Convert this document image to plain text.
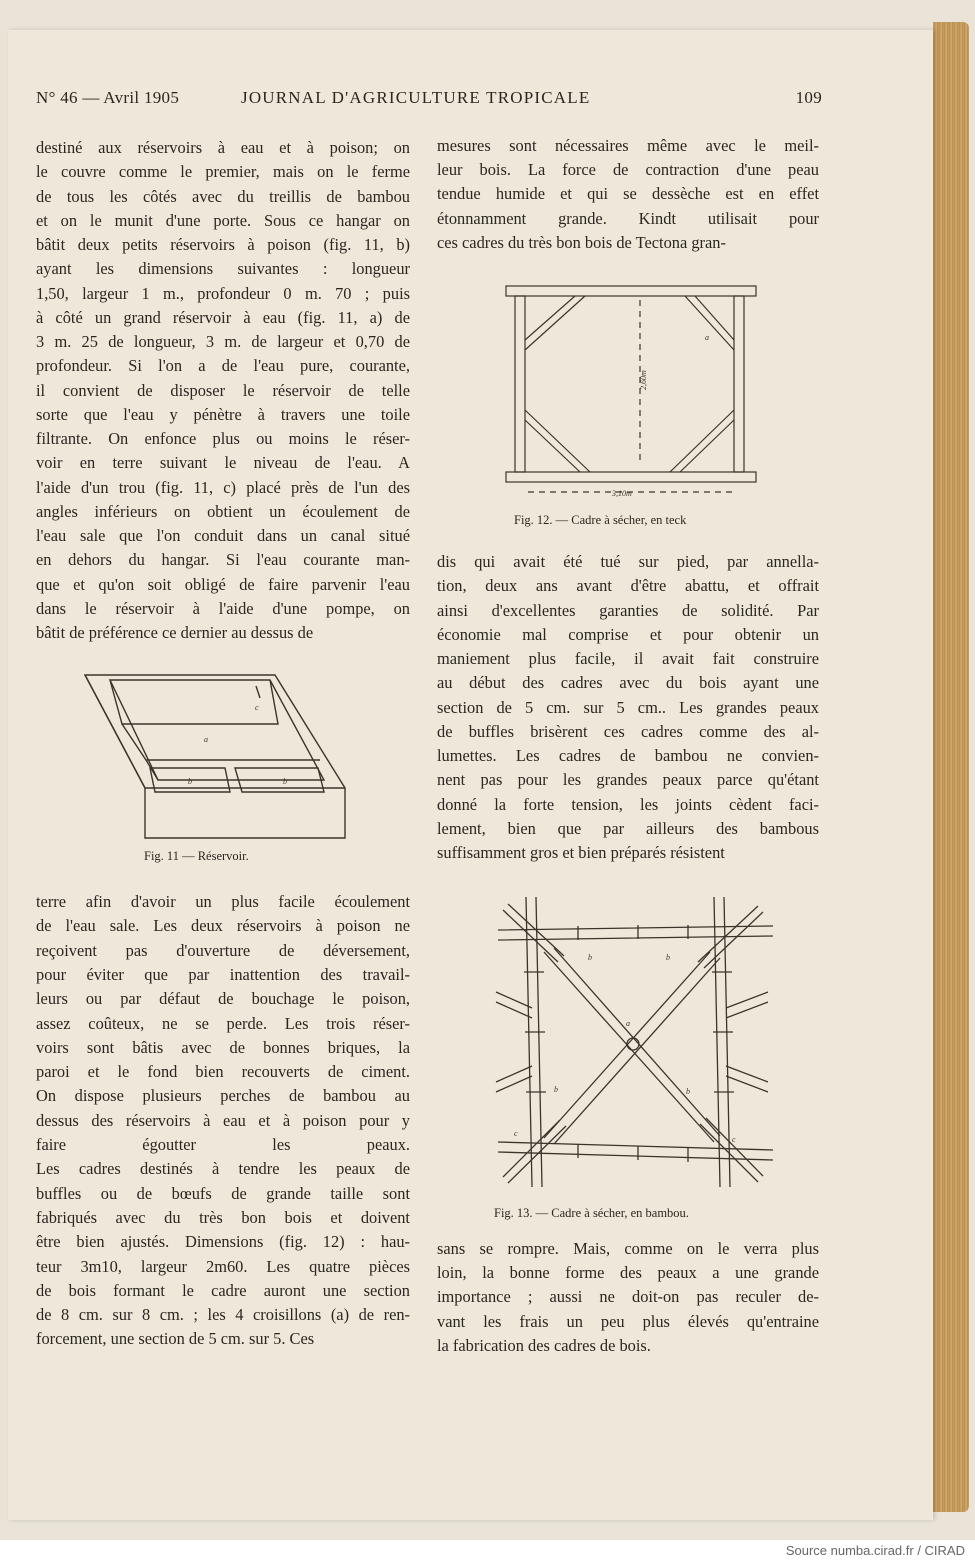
N° 46 — Avril 1905	JOURNAL D'AGRICULTURE TROPICALE	109
destiné aux réservoirs à eau et à poison; on
le couvre comme le premier, mais on le ferme
de tous les côtés avec du treillis de bambou
et on le munit d'une porte. Sous ce hangar on
bâtit deux petits réservoirs à poison (fig. 11, b)
ayant les dimensions suivantes : longueur
1,50, largeur 1 m., profondeur 0 m. 70 ; puis
à côté un grand réservoir à eau (fig. 11, a) de
3 m. 25 de longueur, 3 m. de largeur et 0,70 de
profondeur. Si l'on a de l'eau pure, courante,
il convient de disposer le réservoir de telle
sorte que l'eau y pénètre à travers une toile
filtrante. On enfonce plus ou moins le réser-
voir en terre suivant le niveau de l'eau. A
l'aide d'un trou (fig. 11, c) placé près de l'un des
angles inférieurs on obtient un écoulement de
l'eau sale que l'on conduit dans un canal situé
en dehors du hangar. Si l'eau courante man-
que et qu'on soit obligé de faire parvenir l'eau
dans le réservoir à l'aide d'une pompe, on
bâtit de préférence ce dernier au dessus de
a
b	b
c
Fig. 11 — Réservoir.
terre afin d'avoir un plus facile écoulement
de l'eau sale. Les deux réservoirs à poison ne
reçoivent pas d'ouverture de déversement,
pour éviter que par inattention des travail-
leurs ou par défaut de bouchage le poison,
assez coûteux, ne se perde. Les trois réser-
voirs sont bâtis avec de bonnes briques, la
paroi et le fond bien recouverts de ciment.
On dispose plusieurs perches de bambou au
dessus des réservoirs à eau et à poison pour y
faire égoutter les peaux.
Les cadres destinés à tendre les peaux de
buffles ou de bœufs de grande taille sont
fabriqués avec du très bon bois et doivent
être bien ajustés. Dimensions (fig. 12) : hau-
teur 3m10, largeur 2m60. Les quatre pièces
de bois formant le cadre auront une section
de 8 cm. sur 8 cm. ; les 4 croisillons (a) de ren-
forcement, une section de 5 cm. sur 5. Ces
mesures sont nécessaires même avec le meil-
leur bois. La force de contraction d'une peau
tendue humide et qui se dessèche est en effet
étonnamment grande. Kindt utilisait pour
ces cadres du très bon bois de Tectona gran-
2,60m
3,10m
a
Fig. 12. — Cadre à sécher, en teck
dis qui avait été tué sur pied, par annella-
tion, deux ans avant d'être abattu, et offrait
ainsi d'excellentes garanties de solidité. Par
économie mal comprise et pour obtenir un
maniement plus facile, il avait fait construire
au début des cadres avec du bois ayant une
section de 5 cm. sur 5 cm.. Les grandes peaux
de buffles brisèrent ces cadres comme des al-
lumettes. Les cadres de bambou ne convien-
nent pas pour les grandes peaux parce qu'étant
donné la forte tension, les joints cèdent faci-
lement, bien que par ailleurs des bambous
suffisamment gros et bien préparés résistent
a
b	b
b	b
c
c
Fig. 13. — Cadre à sécher, en bambou.
sans se rompre. Mais, comme on le verra plus
loin, la bonne forme des peaux a une grande
importance ; aussi ne doit-on pas reculer de-
vant les frais un peu plus élevés qu'entraine
la fabrication des cadres de bois.
Source numba.cirad.fr / CIRAD
